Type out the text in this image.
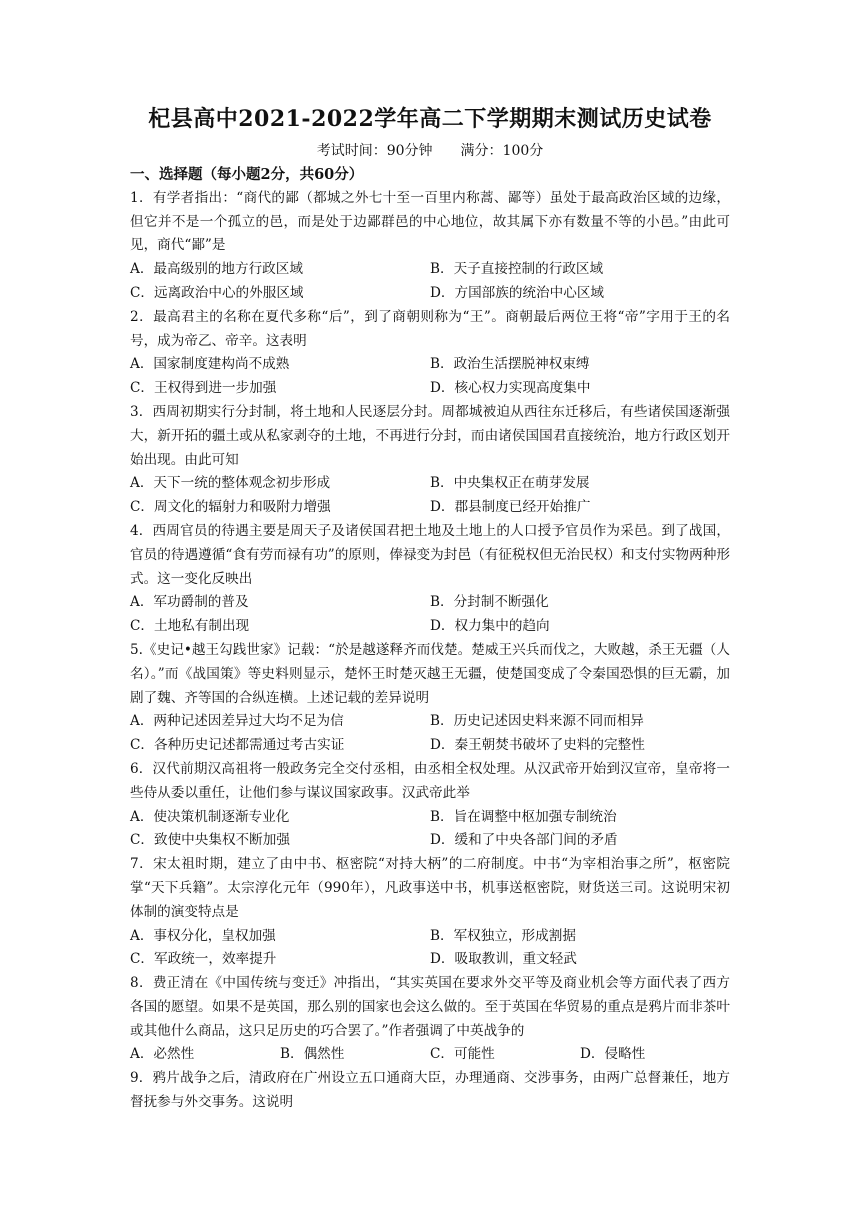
杞县高中2021-2022学年高二下学期期末测试历史试卷
考试时间：90分钟 满分：100分
一、选择题（每小题2分，共60分）
1．有学者指出：“商代的鄙（都城之外七十至一百里内称蒿、鄙等）虽处于最高政治区域的边缘，但它并不是一个孤立的邑，而是处于边鄙群邑的中心地位，故其属下亦有数量不等的小邑。”由此可见，商代“鄙”是
A．最高级别的地方行政区域	B．天子直接控制的行政区域
C．远离政治中心的外服区域	D．方国部族的统治中心区域
2．最高君主的名称在夏代多称“后”，到了商朝则称为“王”。商朝最后两位王将“帝”字用于王的名号，成为帝乙、帝辛。这表明
A．国家制度建构尚不成熟	B．政治生活摆脱神权束缚
C．王权得到进一步加强	D．核心权力实现高度集中
3．西周初期实行分封制，将土地和人民逐层分封。周都城被迫从西往东迁移后，有些诸侯国逐渐强大，新开拓的疆土或从私家剥夺的土地，不再进行分封，而由诸侯国国君直接统治，地方行政区划开始出现。由此可知
A．天下一统的整体观念初步形成	B．中央集权正在萌芽发展
C．周文化的辐射力和吸附力增强	D．郡县制度已经开始推广
4．西周官员的待遇主要是周天子及诸侯国君把土地及土地上的人口授予官员作为采邑。到了战国，官员的待遇遵循“食有劳而禄有功”的原则，俸禄变为封邑（有征税权但无治民权）和支付实物两种形式。这一变化反映出
A．军功爵制的普及	B．分封制不断强化
C．土地私有制出现	D．权力集中的趋向
5.《史记•越王勾践世家》记载：“於是越遂释齐而伐楚。楚威王兴兵而伐之，大败越，杀王无疆（人名）。”而《战国策》等史料则显示，楚怀王时楚灭越王无疆，使楚国变成了令秦国恐惧的巨无霸，加剧了魏、齐等国的合纵连横。上述记载的差异说明
A．两种记述因差异过大均不足为信	B．历史记述因史料来源不同而相异
C．各种历史记述都需通过考古实证	D．秦王朝焚书破坏了史料的完整性
6．汉代前期汉高祖将一般政务完全交付丞相，由丞相全权处理。从汉武帝开始到汉宣帝，皇帝将一些侍从委以重任，让他们参与谋议国家政事。汉武帝此举
A．使决策机制逐渐专业化	B．旨在调整中枢加强专制统治
C．致使中央集权不断加强	D．缓和了中央各部门间的矛盾
7．宋太祖时期，建立了由中书、枢密院“对持大柄”的二府制度。中书“为宰相治事之所”，枢密院掌“天下兵籍”。太宗淳化元年（990年），凡政事送中书，机事送枢密院，财货送三司。这说明宋初体制的演变特点是
A．事权分化，皇权加强	B．军权独立，形成割据
C．军政统一，效率提升	D．吸取教训，重文轻武
8．费正清在《中国传统与变迁》冲指出，“其实英国在要求外交平等及商业机会等方面代表了西方各国的愿望。如果不是英国，那么别的国家也会这么做的。至于英国在华贸易的重点是鸦片而非茶叶或其他什么商品，这只足历史的巧合罢了。”作者强调了中英战争的
A．必然性	B．偶然性	C．可能性	D．侵略性
9．鸦片战争之后，清政府在广州设立五口通商大臣，办理通商、交涉事务，由两广总督兼任，地方督抚参与外交事务。这说明
